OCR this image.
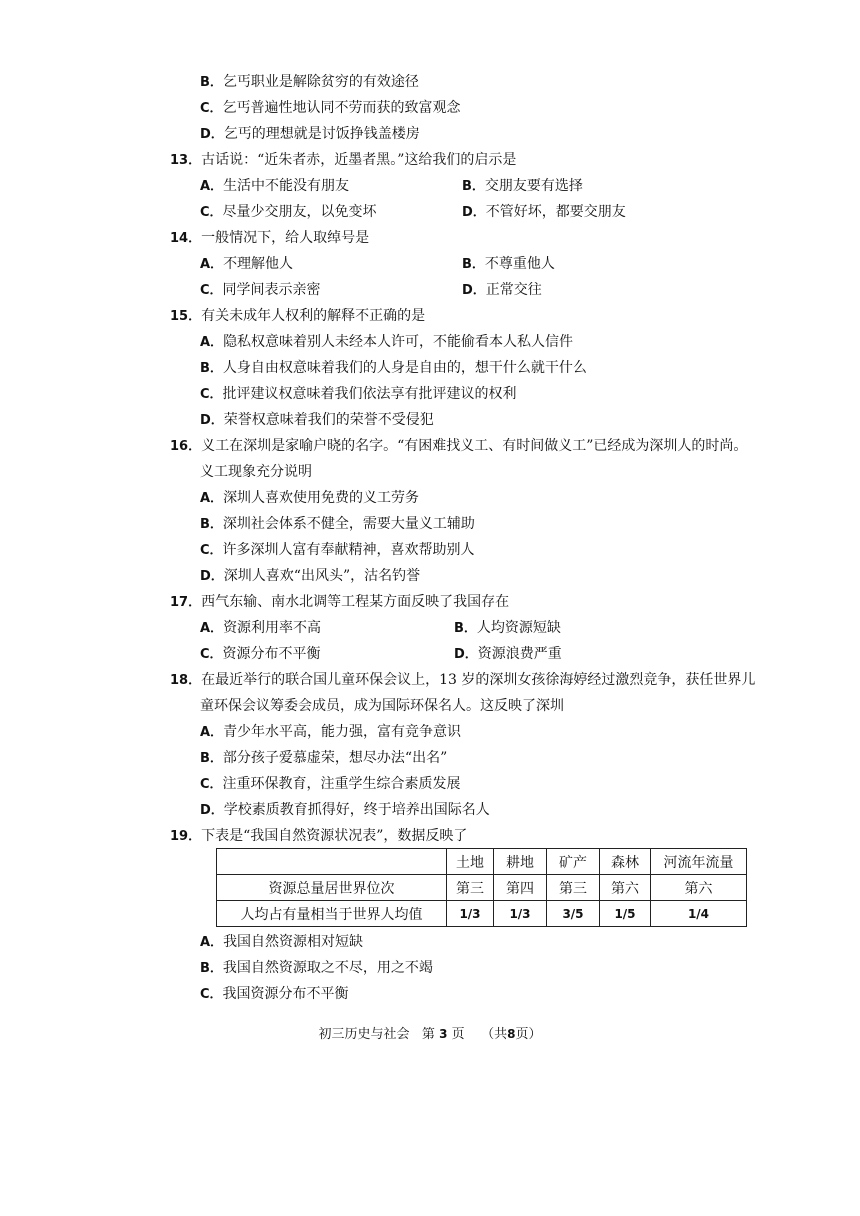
B．乞丐职业是解除贫穷的有效途径
C．乞丐普遍性地认同不劳而获的致富观念
D．乞丐的理想就是讨饭挣钱盖楼房
13．古话说：“近朱者赤，近墨者黑。”这给我们的启示是
A．生活中不能没有朋友	B．交朋友要有选择
C．尽量少交朋友，以免变坏	D．不管好坏，都要交朋友
14．一般情况下，给人取绰号是
A．不理解他人	B．不尊重他人
C．同学间表示亲密	D．正常交往
15．有关未成年人权利的解释不正确的是
A．隐私权意味着别人未经本人许可，不能偷看本人私人信件
B．人身自由权意味着我们的人身是自由的，想干什么就干什么
C．批评建议权意味着我们依法享有批评建议的权利
D．荣誉权意味着我们的荣誉不受侵犯
16．义工在深圳是家喻户晓的名字。“有困难找义工、有时间做义工”已经成为深圳人的时尚。
义工现象充分说明
A．深圳人喜欢使用免费的义工劳务
B．深圳社会体系不健全，需要大量义工辅助
C．许多深圳人富有奉献精神，喜欢帮助别人
D．深圳人喜欢“出风头”，沽名钓誉
17．西气东输、南水北调等工程某方面反映了我国存在
A．资源利用率不高	B．人均资源短缺
C．资源分布不平衡	D．资源浪费严重
18．在最近举行的联合国儿童环保会议上，13 岁的深圳女孩徐海婷经过激烈竞争，获任世界儿
童环保会议筹委会成员，成为国际环保名人。这反映了深圳
A．青少年水平高，能力强，富有竞争意识
B．部分孩子爱慕虚荣，想尽办法“出名”
C．注重环保教育，注重学生综合素质发展
D．学校素质教育抓得好，终于培养出国际名人
19．下表是“我国自然资源状况表”，数据反映了
	土地	耕地	矿产	森林	河流年流量
资源总量居世界位次	第三	第四	第三	第六	第六
人均占有量相当于世界人均值	1/3	1/3	3/5	1/5	1/4
A．我国自然资源相对短缺
B．我国自然资源取之不尽，用之不竭
C．我国资源分布不平衡
初三历史与社会 第 3 页 （共8页）
